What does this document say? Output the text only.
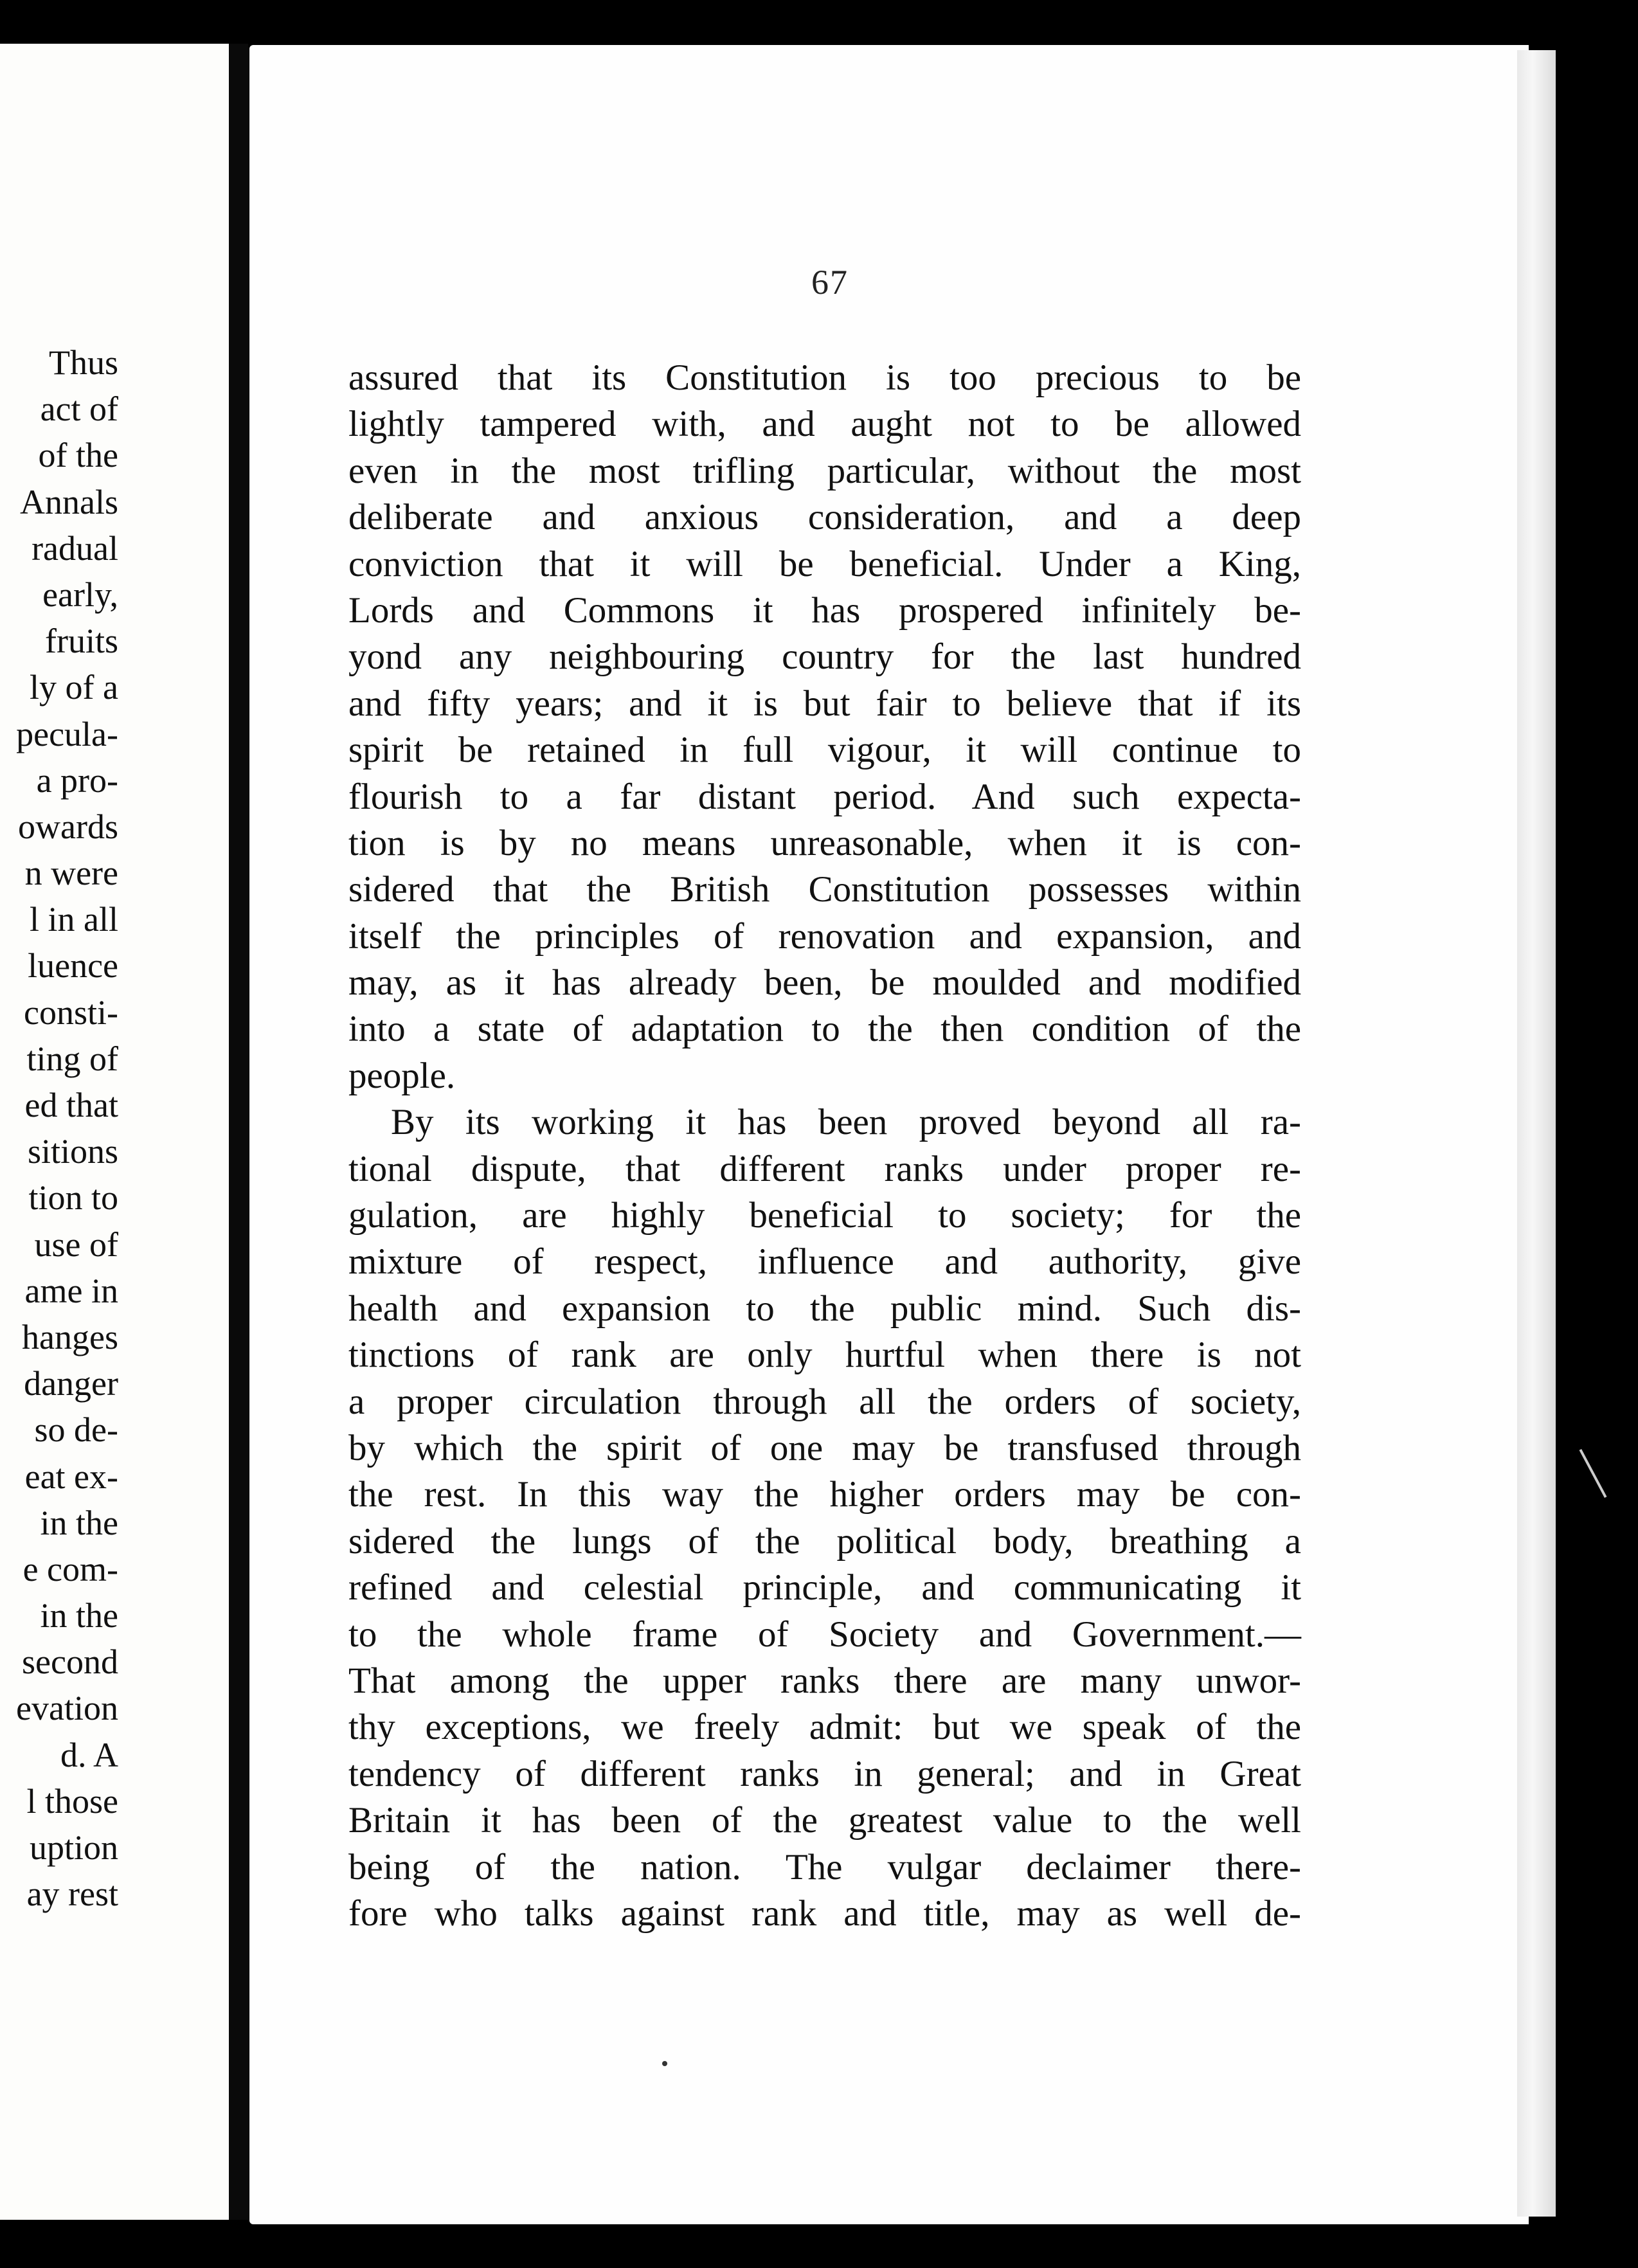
Thus
act of
of the
Annals
radual
early,
fruits
ly of a
pecula-
a pro-
owards
n were
l in all
luence
consti-
ting of
ed that
sitions
tion to
use of
ame in
hanges
danger
so de-
eat ex-
in the
e com-
in the
second
evation
d. A
l those
uption
ay rest
67
assured that its Constitution is too precious to be
lightly tampered with, and aught not to be allowed
even in the most trifling particular, without the most
deliberate and anxious consideration, and a deep
conviction that it will be beneficial. Under a King,
Lords and Commons it has prospered infinitely be-
yond any neighbouring country for the last hundred
and fifty years; and it is but fair to believe that if its
spirit be retained in full vigour, it will continue to
flourish to a far distant period. And such expecta-
tion is by no means unreasonable, when it is con-
sidered that the British Constitution possesses within
itself the principles of renovation and expansion, and
may, as it has already been, be moulded and modified
into a state of adaptation to the then condition of the
people.
By its working it has been proved beyond all ra-
tional dispute, that different ranks under proper re-
gulation, are highly beneficial to society; for the
mixture of respect, influence and authority, give
health and expansion to the public mind. Such dis-
tinctions of rank are only hurtful when there is not
a proper circulation through all the orders of society,
by which the spirit of one may be transfused through
the rest. In this way the higher orders may be con-
sidered the lungs of the political body, breathing a
refined and celestial principle, and communicating it
to the whole frame of Society and Government.—
That among the upper ranks there are many unwor-
thy exceptions, we freely admit: but we speak of the
tendency of different ranks in general; and in Great
Britain it has been of the greatest value to the well
being of the nation. The vulgar declaimer there-
fore who talks against rank and title, may as well de-
